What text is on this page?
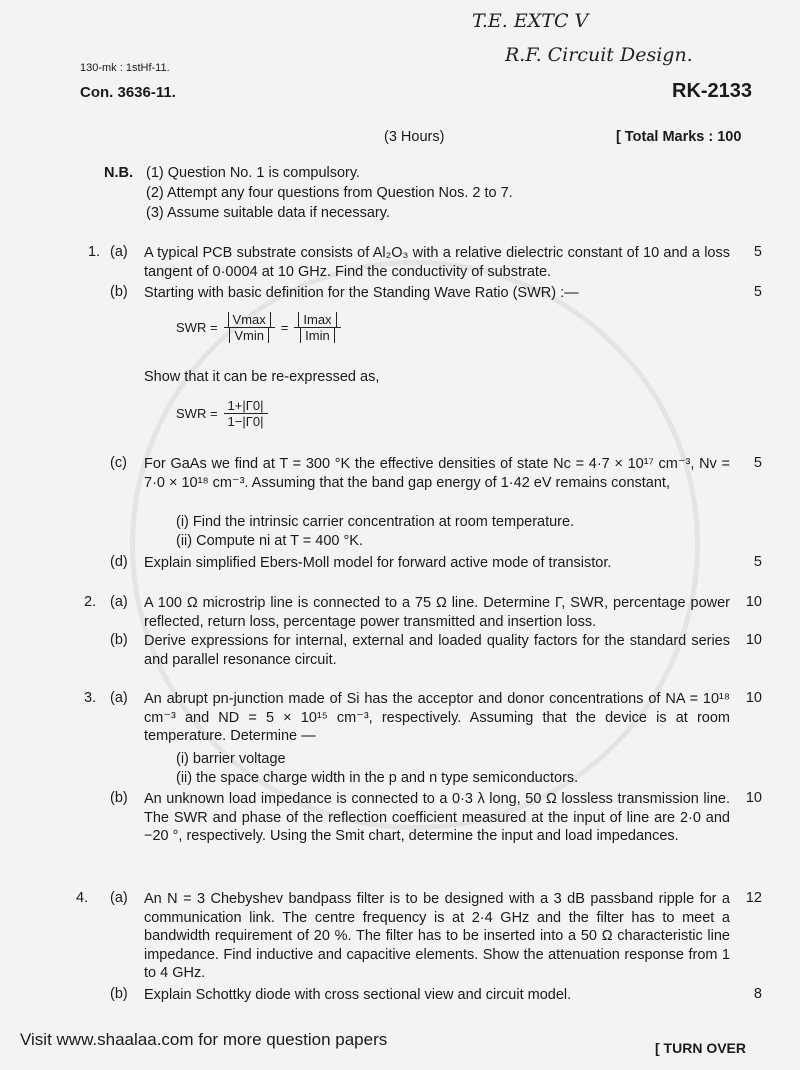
T.E. EXTC V
R.F. Circuit Design.
130-mk : 1stHf-11.
Con. 3636-11.	RK-2133
(3 Hours)	[ Total Marks : 100
N.B. (1) Question No. 1 is compulsory.
(2) Attempt any four questions from Question Nos. 2 to 7.
(3) Assume suitable data if necessary.
1. (a) A typical PCB substrate consists of Al₂O₃ with a relative dielectric constant of 10 and a loss tangent of 0·0004 at 10 GHz. Find the conductivity of substrate.
5
(b) Starting with basic definition for the Standing Wave Ratio (SWR) :—	5
SWR = $\frac{Vmax}{Vmin} = \frac{Imax}{Imin}$
Show that it can be re-expressed as,
SWR = $\frac{1+|\Gamma 0|}{1-|\Gamma 0|}$
(c) For GaAs we find at T = 300 °K the effective densities of state Nc = 4·7 × 10¹⁷ cm⁻³, Nv = 7·0 × 10¹⁸ cm⁻³. Assuming that the band gap energy of 1·42 eV remains constant,
5
(i) Find the intrinsic carrier concentration at room temperature.
(ii) Compute ni at T = 400 °K.
(d) Explain simplified Ebers-Moll model for forward active mode of transistor.	5
2. (a) A 100 Ω microstrip line is connected to a 75 Ω line. Determine Γ, SWR, percentage power reflected, return loss, percentage power transmitted and insertion loss.
10
(b) Derive expressions for internal, external and loaded quality factors for the standard series and parallel resonance circuit.
10
3. (a) An abrupt pn-junction made of Si has the acceptor and donor concentrations of NA = 10¹⁸ cm⁻³ and ND = 5 × 10¹⁵ cm⁻³, respectively. Assuming that the device is at room temperature. Determine —
10
(i) barrier voltage
(ii) the space charge width in the p and n type semiconductors.
(b) An unknown load impedance is connected to a 0·3 λ long, 50 Ω lossless transmission line. The SWR and phase of the reflection coefficient measured at the input of line are 2·0 and −20 °, respectively. Using the Smit chart, determine the input and load impedances.
10
4. (a) An N = 3 Chebyshev bandpass filter is to be designed with a 3 dB passband ripple for a communication link. The centre frequency is at 2·4 GHz and the filter has to meet a bandwidth requirement of 20 %. The filter has to be inserted into a 50 Ω characteristic line impedance. Find inductive and capacitive elements. Show the attenuation response from 1 to 4 GHz.
12
(b) Explain Schottky diode with cross sectional view and circuit model.	8
Visit www.shaalaa.com for more question papers	[ TURN OVER
